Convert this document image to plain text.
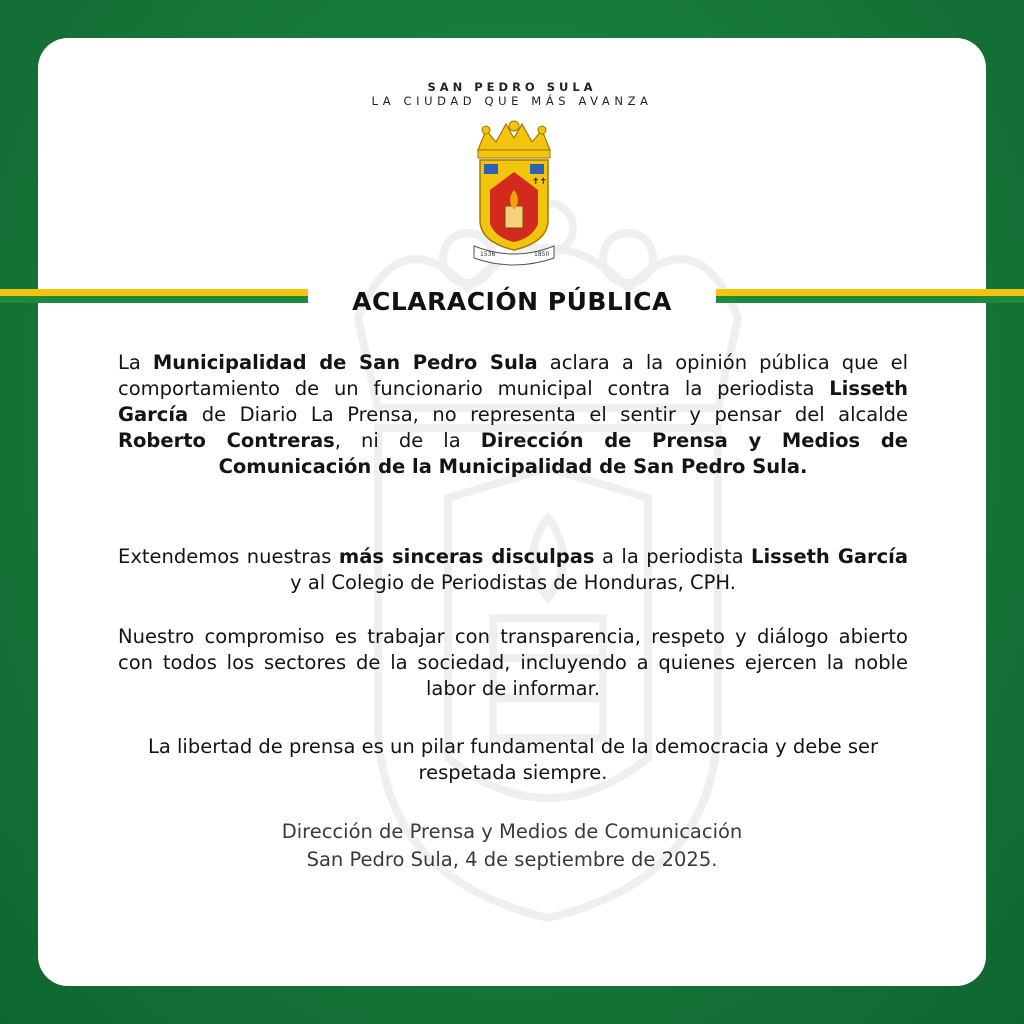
SAN PEDRO SULA
LA CIUDAD QUE MÁS AVANZA
✝✝
1536	1850
La Municipalidad de San Pedro Sula aclara a la opinión pública que el comportamiento de un funcionario municipal contra la periodista Lisseth García de Diario La Prensa, no representa el sentir y pensar del alcalde Roberto Contreras, ni de la Dirección de Prensa y Medios de Comunicación de la Municipalidad de San Pedro Sula.
Extendemos nuestras más sinceras disculpas a la periodista Lisseth García y al Colegio de Periodistas de Honduras, CPH.
Nuestro compromiso es trabajar con transparencia, respeto y diálogo abierto con todos los sectores de la sociedad, incluyendo a quienes ejercen la noble labor de informar.
La libertad de prensa es un pilar fundamental de la democracia y debe ser respetada siempre.
Dirección de Prensa y Medios de Comunicación
San Pedro Sula, 4 de septiembre de 2025.
ACLARACIÓN PÚBLICA
